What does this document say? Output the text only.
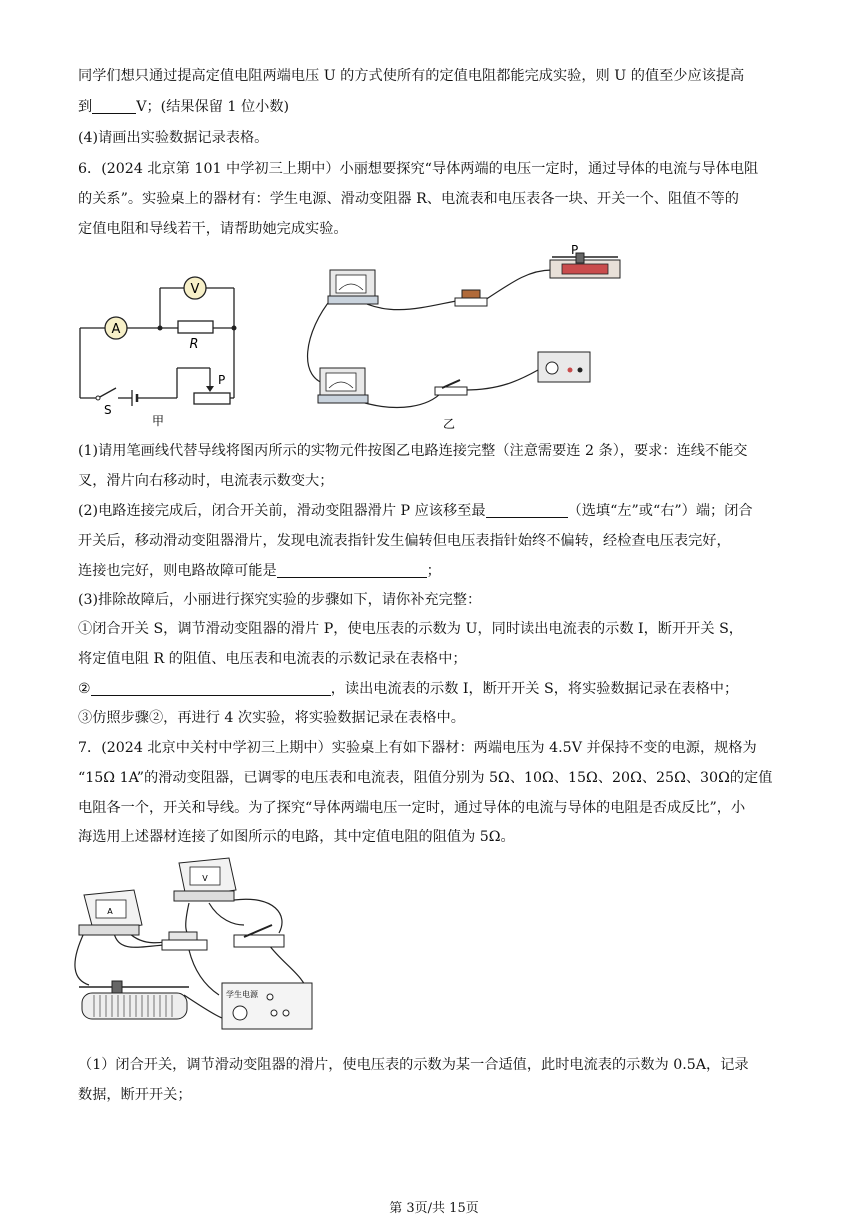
同学们想只通过提高定值电阻两端电压 U 的方式使所有的定值电阻都能完成实验，则 U 的值至少应该提高
到	V；(结果保留 1 位小数)
(4)请画出实验数据记录表格。
6．(2024 北京第 101 中学初三上期中）小丽想要探究“导体两端的电压一定时，通过导体的电流与导体电阻
的关系”。实验桌上的器材有：学生电源、滑动变阻器 R、电流表和电压表各一块、开关一个、阻值不等的
定值电阻和导线若干，请帮助她完成实验。
A
V
R
P
S
甲
P
乙
(1)请用笔画线代替导线将图丙所示的实物元件按图乙电路连接完整（注意需要连 2 条），要求：连线不能交
叉，滑片向右移动时，电流表示数变大；
(2)电路连接完成后，闭合开关前，滑动变阻器滑片 P 应该移至最	（选填“左”或“右”）端；闭合
开关后，移动滑动变阻器滑片，发现电流表指针发生偏转但电压表指针始终不偏转，经检查电压表完好，
连接也完好，则电路故障可能是	；
(3)排除故障后，小丽进行探究实验的步骤如下，请你补充完整：
①闭合开关 S，调节滑动变阻器的滑片 P，使电压表的示数为 U，同时读出电流表的示数 I，断开开关 S，
将定值电阻 R 的阻值、电压表和电流表的示数记录在表格中；
②	，读出电流表的示数 I，断开开关 S，将实验数据记录在表格中；
③仿照步骤②，再进行 4 次实验，将实验数据记录在表格中。
7．(2024 北京中关村中学初三上期中）实验桌上有如下器材：两端电压为 4.5V 并保持不变的电源，规格为
“15Ω 1A”的滑动变阻器，已调零的电压表和电流表，阻值分别为 5Ω、10Ω、15Ω、20Ω、25Ω、30Ω的定值
电阻各一个，开关和导线。为了探究“导体两端电压一定时，通过导体的电流与导体的电阻是否成反比”，小
海选用上述器材连接了如图所示的电路，其中定值电阻的阻值为 5Ω。
A
V
学生电源
（1）闭合开关，调节滑动变阻器的滑片，使电压表的示数为某一合适值，此时电流表的示数为 0.5A，记录
数据，断开开关；
第 3页/共 15页
